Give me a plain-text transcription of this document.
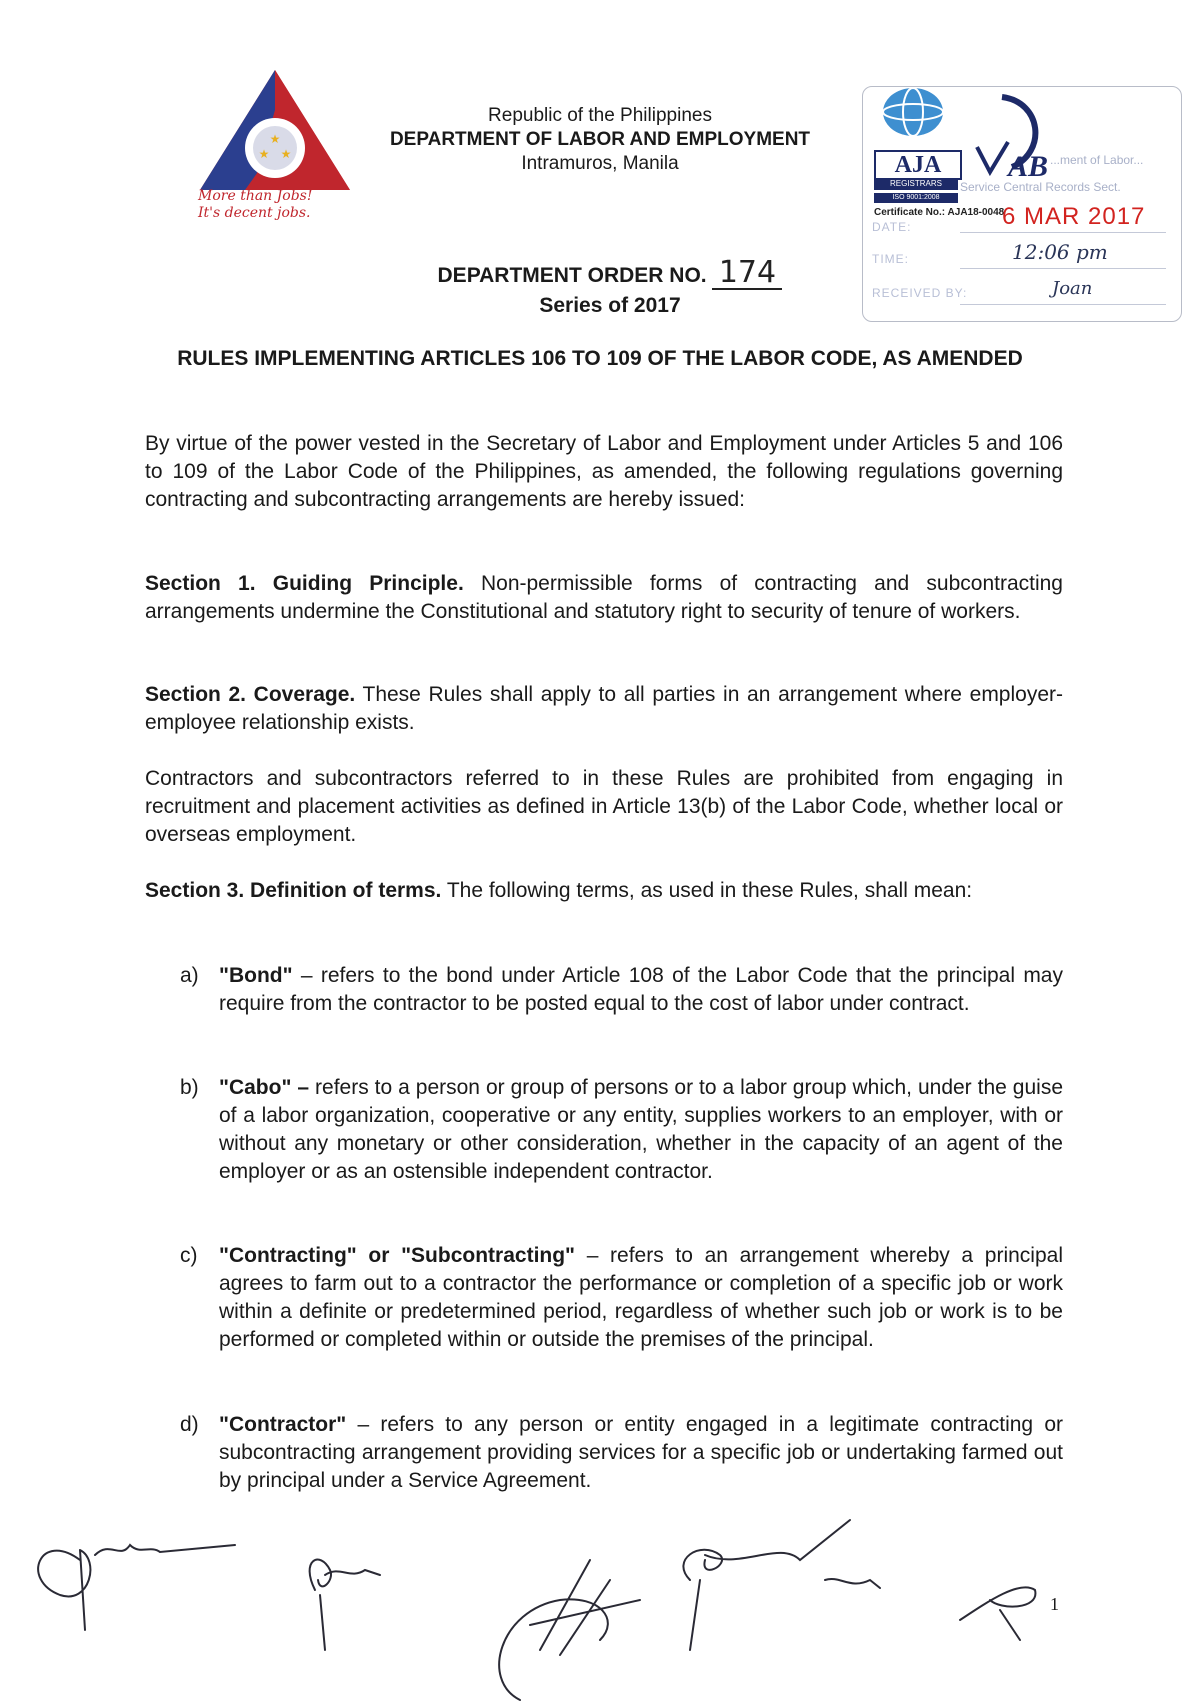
★
★ ★
More than Jobs!
It's decent jobs.
Republic of the Philippines
DEPARTMENT OF LABOR AND EMPLOYMENT
Intramuros, Manila
DEPARTMENT ORDER NO. 174
Series of 2017
AJA
REGISTRARS
ISO 9001:2008
AB ...ment of Labor...
Service Central Records Sect.
Certificate No.: AJA18-0048
DATE:	6 MAR 2017
TIME:	12:06 pm
RECEIVED BY:	Joan
RULES IMPLEMENTING ARTICLES 106 TO 109 OF THE LABOR CODE, AS AMENDED
By virtue of the power vested in the Secretary of Labor and Employment under Articles 5 and 106 to 109 of the Labor Code of the Philippines, as amended, the following regulations governing contracting and subcontracting arrangements are hereby issued:
Section 1. Guiding Principle. Non-permissible forms of contracting and subcontracting arrangements undermine the Constitutional and statutory right to security of tenure of workers.
Section 2. Coverage. These Rules shall apply to all parties in an arrangement where employer-employee relationship exists.
Contractors and subcontractors referred to in these Rules are prohibited from engaging in recruitment and placement activities as defined in Article 13(b) of the Labor Code, whether local or overseas employment.
Section 3. Definition of terms. The following terms, as used in these Rules, shall mean:
a) "Bond" – refers to the bond under Article 108 of the Labor Code that the principal may require from the contractor to be posted equal to the cost of labor under contract.
b) "Cabo" – refers to a person or group of persons or to a labor group which, under the guise of a labor organization, cooperative or any entity, supplies workers to an employer, with or without any monetary or other consideration, whether in the capacity of an agent of the employer or as an ostensible independent contractor.
c) "Contracting" or "Subcontracting" – refers to an arrangement whereby a principal agrees to farm out to a contractor the performance or completion of a specific job or work within a definite or predetermined period, regardless of whether such job or work is to be performed or completed within or outside the premises of the principal.
d) "Contractor" – refers to any person or entity engaged in a legitimate contracting or subcontracting arrangement providing services for a specific job or undertaking farmed out by principal under a Service Agreement.
1
